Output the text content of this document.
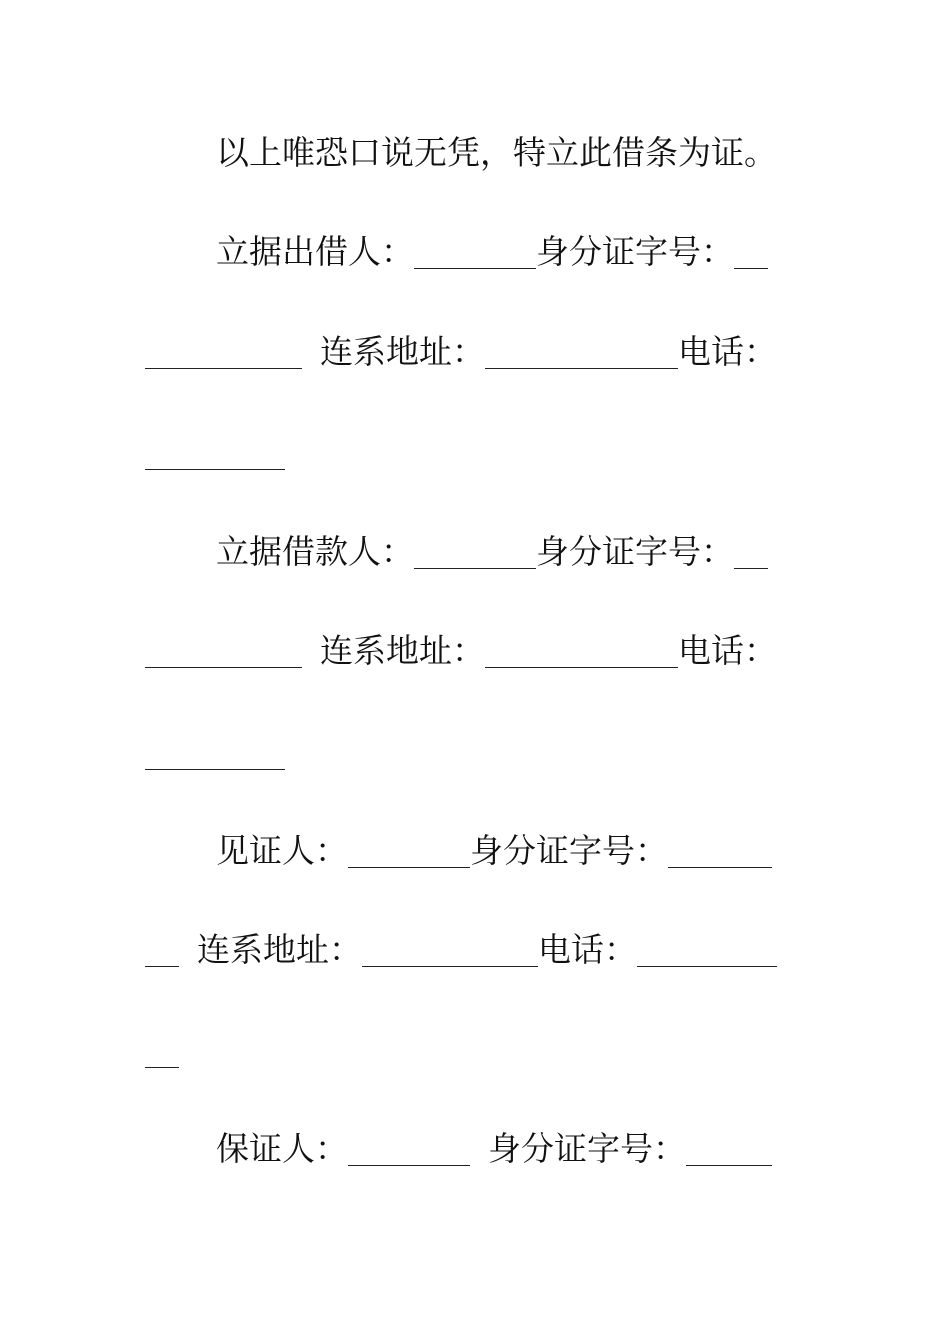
以上唯恐口说无凭，特立此借条为证。
立据出借人：	身分证字号：
连系地址：	电话：
立据借款人：	身分证字号：
连系地址：	电话：
见证人：	身分证字号：
连系地址：	电话：
保证人：	身分证字号：
